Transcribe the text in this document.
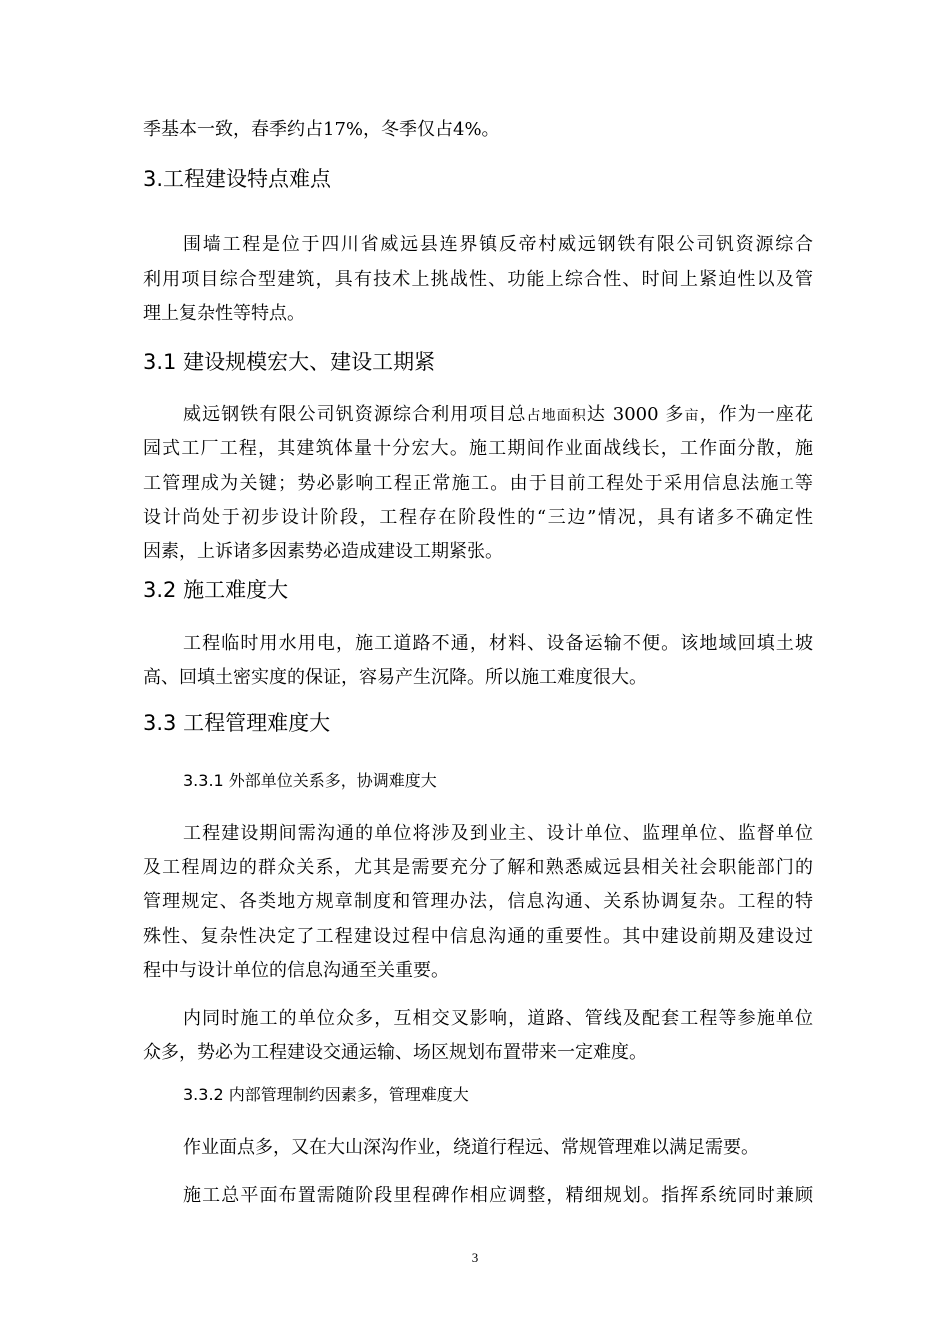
季基本一致，春季约占17%，冬季仅占4%。
3.工程建设特点难点
围墙工程是位于四川省威远县连界镇反帝村威远钢铁有限公司钒资源综合
利用项目综合型建筑，具有技术上挑战性、功能上综合性、时间上紧迫性以及管
理上复杂性等特点。
3.1 建设规模宏大、建设工期紧
威远钢铁有限公司钒资源综合利用项目总占地面积达 3000 多亩，作为一座花
园式工厂工程，其建筑体量十分宏大。施工期间作业面战线长，工作面分散，施
工管理成为关键；势必影响工程正常施工。由于目前工程处于采用信息法施工等
设计尚处于初步设计阶段，工程存在阶段性的“三边”情况，具有诸多不确定性
因素，上诉诸多因素势必造成建设工期紧张。
3.2 施工难度大
工程临时用水用电，施工道路不通，材料、设备运输不便。该地域回填土坡
高、回填土密实度的保证，容易产生沉降。所以施工难度很大。
3.3 工程管理难度大
3.3.1 外部单位关系多，协调难度大
工程建设期间需沟通的单位将涉及到业主、设计单位、监理单位、监督单位
及工程周边的群众关系，尤其是需要充分了解和熟悉威远县相关社会职能部门的
管理规定、各类地方规章制度和管理办法，信息沟通、关系协调复杂。工程的特
殊性、复杂性决定了工程建设过程中信息沟通的重要性。其中建设前期及建设过
程中与设计单位的信息沟通至关重要。
内同时施工的单位众多，互相交叉影响，道路、管线及配套工程等参施单位
众多，势必为工程建设交通运输、场区规划布置带来一定难度。
3.3.2 内部管理制约因素多，管理难度大
作业面点多，又在大山深沟作业，绕道行程远、常规管理难以满足需要。
施工总平面布置需随阶段里程碑作相应调整，精细规划。指挥系统同时兼顾
3
